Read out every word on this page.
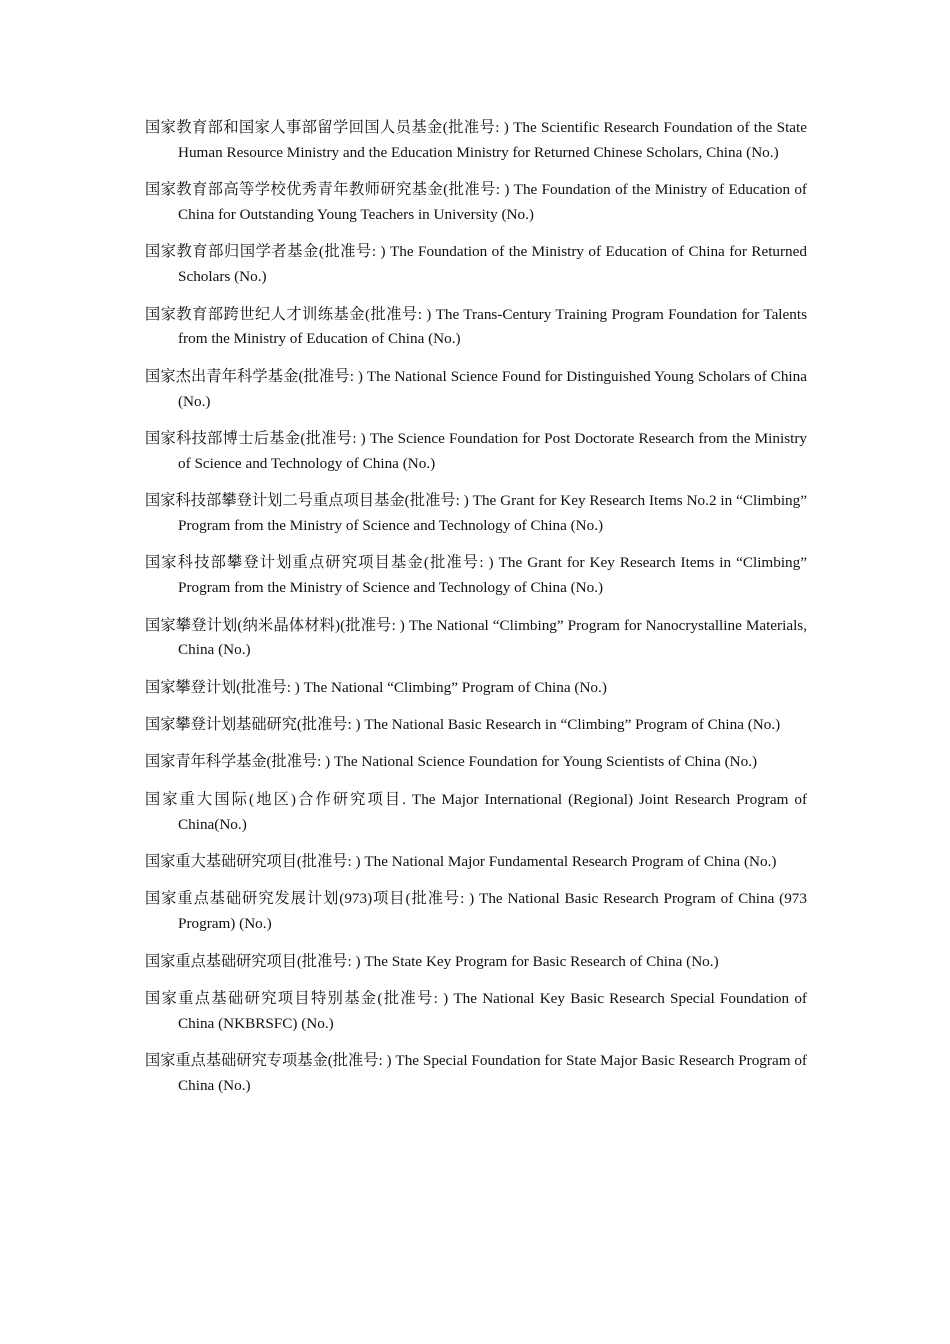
国家教育部和国家人事部留学回国人员基金(批准号: ) The Scientific Research Foundation of the State Human Resource Ministry and the Education Ministry for Returned Chinese Scholars, China (No.)

国家教育部高等学校优秀青年教师研究基金(批准号: ) The Foundation of the Ministry of Education of China for Outstanding Young Teachers in University (No.)

国家教育部归国学者基金(批准号: ) The Foundation of the Ministry of Education of China for Returned Scholars (No.)

国家教育部跨世纪人才训练基金(批准号: ) The Trans-Century Training Program Foundation for Talents from the Ministry of Education of China (No.)

国家杰出青年科学基金(批准号: ) The National Science Found for Distinguished Young Scholars of China (No.)

国家科技部博士后基金(批准号: ) The Science Foundation for Post Doctorate Research from the Ministry of Science and Technology of China (No.)

国家科技部攀登计划二号重点项目基金(批准号: ) The Grant for Key Research Items No.2 in “Climbing” Program from the Ministry of Science and Technology of China (No.)

国家科技部攀登计划重点研究项目基金(批准号: ) The Grant for Key Research Items in “Climbing” Program from the Ministry of Science and Technology of China (No.)

国家攀登计划(纳米晶体材料)(批准号: ) The National “Climbing” Program for Nanocrystalline Materials, China (No.)

国家攀登计划(批准号: ) The National “Climbing” Program of China (No.)

国家攀登计划基础研究(批准号: ) The National Basic Research in “Climbing” Program of China (No.)

国家青年科学基金(批准号: ) The National Science Foundation for Young Scientists of China (No.)

国家重大国际(地区)合作研究项目. The Major International (Regional) Joint Research Program of China(No.)

国家重大基础研究项目(批准号: ) The National Major Fundamental Research Program of China (No.)

国家重点基础研究发展计划(973)项目(批准号: ) The National Basic Research Program of China (973 Program) (No.)

国家重点基础研究项目(批准号: ) The State Key Program for Basic Research of China (No.)

国家重点基础研究项目特别基金(批准号: ) The National Key Basic Research Special Foundation of China (NKBRSFC) (No.)

国家重点基础研究专项基金(批准号: ) The Special Foundation for State Major Basic Research Program of China (No.)
